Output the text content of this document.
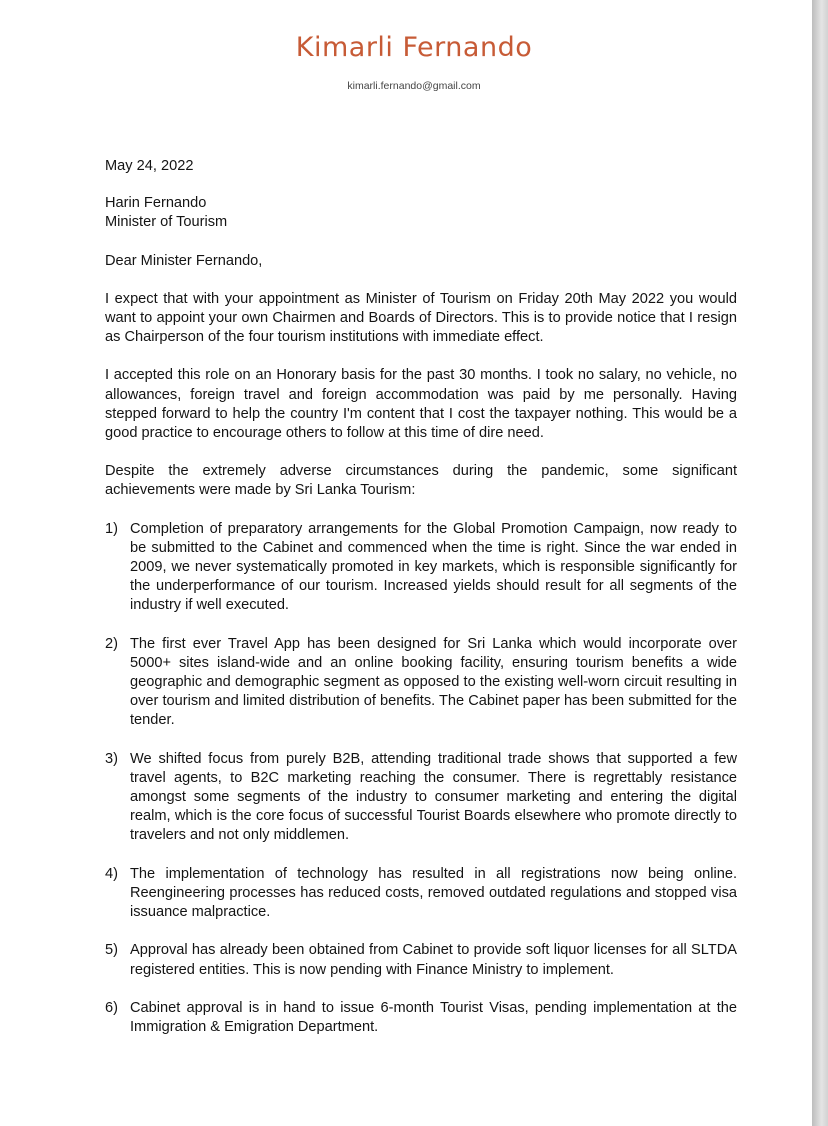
Kimarli Fernando
kimarli.fernando@gmail.com

May 24, 2022

Harin Fernando
Minister of Tourism

Dear Minister Fernando,

I expect that with your appointment as Minister of Tourism on Friday 20th May 2022 you would want to appoint your own Chairmen and Boards of Directors. This is to provide notice that I resign as Chairperson of the four tourism institutions with immediate effect.

I accepted this role on an Honorary basis for the past 30 months. I took no salary, no vehicle, no allowances, foreign travel and foreign accommodation was paid by me personally. Having stepped forward to help the country I'm content that I cost the taxpayer nothing. This would be a good practice to encourage others to follow at this time of dire need.

Despite the extremely adverse circumstances during the pandemic, some significant achievements were made by Sri Lanka Tourism:

1) Completion of preparatory arrangements for the Global Promotion Campaign, now ready to be submitted to the Cabinet and commenced when the time is right. Since the war ended in 2009, we never systematically promoted in key markets, which is responsible significantly for the underperformance of our tourism. Increased yields should result for all segments of the industry if well executed.
2) The first ever Travel App has been designed for Sri Lanka which would incorporate over 5000+ sites island-wide and an online booking facility, ensuring tourism benefits a wide geographic and demographic segment as opposed to the existing well-worn circuit resulting in over tourism and limited distribution of benefits. The Cabinet paper has been submitted for the tender.
3) We shifted focus from purely B2B, attending traditional trade shows that supported a few travel agents, to B2C marketing reaching the consumer. There is regrettably resistance amongst some segments of the industry to consumer marketing and entering the digital realm, which is the core focus of successful Tourist Boards elsewhere who promote directly to travelers and not only middlemen.
4) The implementation of technology has resulted in all registrations now being online. Reengineering processes has reduced costs, removed outdated regulations and stopped visa issuance malpractice.
5) Approval has already been obtained from Cabinet to provide soft liquor licenses for all SLTDA registered entities. This is now pending with Finance Ministry to implement.
6) Cabinet approval is in hand to issue 6-month Tourist Visas, pending implementation at the Immigration & Emigration Department.
